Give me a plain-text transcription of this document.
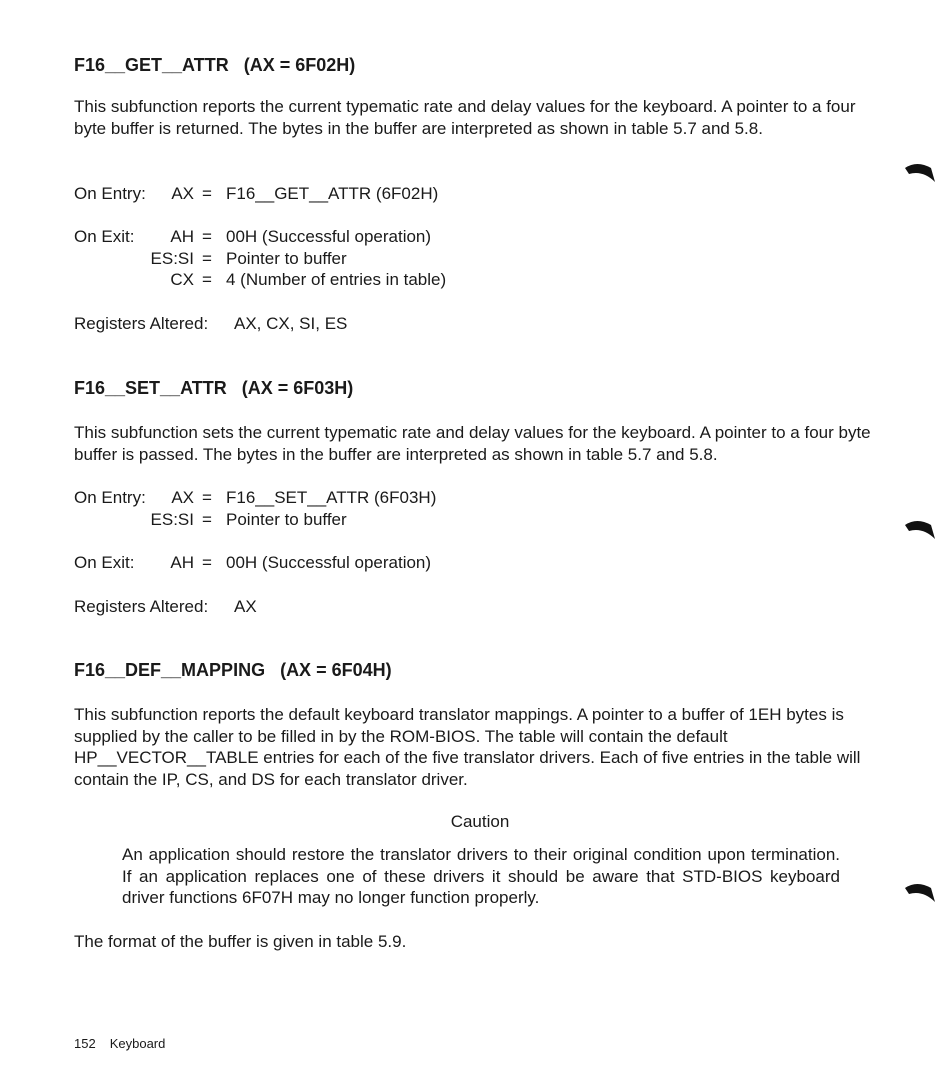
F16__GET__ATTR   (AX = 6F02H)
This subfunction reports the current typematic rate and delay values for the keyboard. A pointer to a four byte buffer is returned. The bytes in the buffer are interpreted as shown in table 5.7 and 5.8.
On Entry:	AX = F16__GET__ATTR (6F02H)
On Exit:	AH = 00H (Successful operation)
ES:SI = Pointer to buffer
CX = 4 (Number of entries in table)
Registers Altered: AX, CX, SI, ES
F16__SET__ATTR   (AX = 6F03H)
This subfunction sets the current typematic rate and delay values for the keyboard. A pointer to a four byte buffer is passed. The bytes in the buffer are interpreted as shown in table 5.7 and 5.8.
On Entry:	AX = F16__SET__ATTR (6F03H)
ES:SI = Pointer to buffer
On Exit:	AH = 00H (Successful operation)
Registers Altered: AX
F16__DEF__MAPPING   (AX = 6F04H)
This subfunction reports the default keyboard translator mappings. A pointer to a buffer of 1EH bytes is supplied by the caller to be filled in by the ROM-BIOS. The table will contain the default HP__VECTOR__TABLE entries for each of the five translator drivers. Each of five entries in the table will contain the IP, CS, and DS for each translator driver.
Caution
An application should restore the translator drivers to their original condition upon termination. If an application replaces one of these drivers it should be aware that STD-BIOS keyboard driver functions 6F07H may no longer function properly.
The format of the buffer is given in table 5.9.
152 Keyboard
